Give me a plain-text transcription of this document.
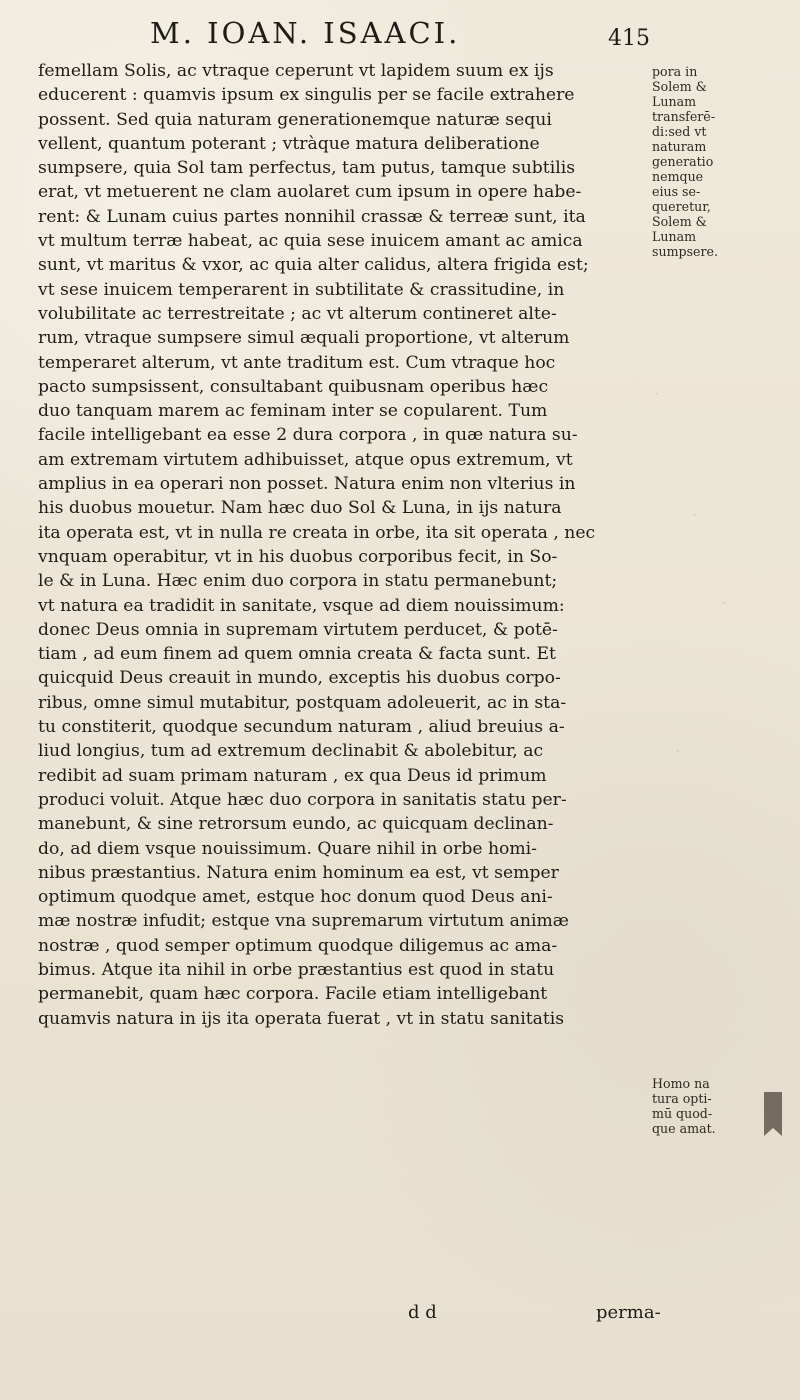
M. IOAN. ISAACI.	415
femellam Solis, ac vtraque ceperunt vt lapidem suum ex ijs
educerent : quamvis ipsum ex singulis per se facile extrahere
possent. Sed quia naturam generationemque naturæ sequi
vellent, quantum poterant ; vtràque matura deliberatione
sumpsere, quia Sol tam perfectus, tam putus, tamque subtilis
erat, vt metuerent ne clam auolaret cum ipsum in opere habe-
rent: & Lunam cuius partes nonnihil crassæ & terreæ sunt, ita
vt multum terræ habeat, ac quia sese inuicem amant ac amica
sunt, vt maritus & vxor, ac quia alter calidus, altera frigida est;
vt sese inuicem temperarent in subtilitate & crassitudine, in
volubilitate ac terrestreitate ; ac vt alterum contineret alte-
rum, vtraque sumpsere simul æquali proportione, vt alterum
temperaret alterum, vt ante traditum est. Cum vtraque hoc
pacto sumpsissent, consultabant quibusnam operibus hæc
duo tanquam marem ac feminam inter se copularent. Tum
facile intelligebant ea esse 2 dura corpora , in quæ natura su-
am extremam virtutem adhibuisset, atque opus extremum, vt
amplius in ea operari non posset. Natura enim non vlterius in
his duobus mouetur. Nam hæc duo Sol & Luna, in ijs natura
ita operata est, vt in nulla re creata in orbe, ita sit operata , nec
vnquam operabitur, vt in his duobus corporibus fecit, in So-
le & in Luna. Hæc enim duo corpora in statu permanebunt;
vt natura ea tradidit in sanitate, vsque ad diem nouissimum:
donec Deus omnia in supremam virtutem perducet, & potē-
tiam , ad eum finem ad quem omnia creata & facta sunt. Et
quicquid Deus creauit in mundo, exceptis his duobus corpo-
ribus, omne simul mutabitur, postquam adoleuerit, ac in sta-
tu constiterit, quodque secundum naturam , aliud breuius a-
liud longius, tum ad extremum declinabit & abolebitur, ac
redibit ad suam primam naturam , ex qua Deus id primum
produci voluit. Atque hæc duo corpora in sanitatis statu per-
manebunt, & sine retrorsum eundo, ac quicquam declinan-
do, ad diem vsque nouissimum. Quare nihil in orbe homi-
nibus præstantius. Natura enim hominum ea est, vt semper
optimum quodque amet, estque hoc donum quod Deus ani-
mæ nostræ infudit; estque vna supremarum virtutum animæ
nostræ , quod semper optimum quodque diligemus ac ama-
bimus. Atque ita nihil in orbe præstantius est quod in statu
permanebit, quam hæc corpora. Facile etiam intelligebant
quamvis natura in ijs ita operata fuerat , vt in statu sanitatis
pora in
Solem &
Lunam
transferē-
di:sed vt
naturam
generatio
nemque
eius se-
queretur,
Solem &
Lunam
sumpsere.
Homo na
tura opti-
mū quod-
que amat.
d d	perma-
·
·
·
·
